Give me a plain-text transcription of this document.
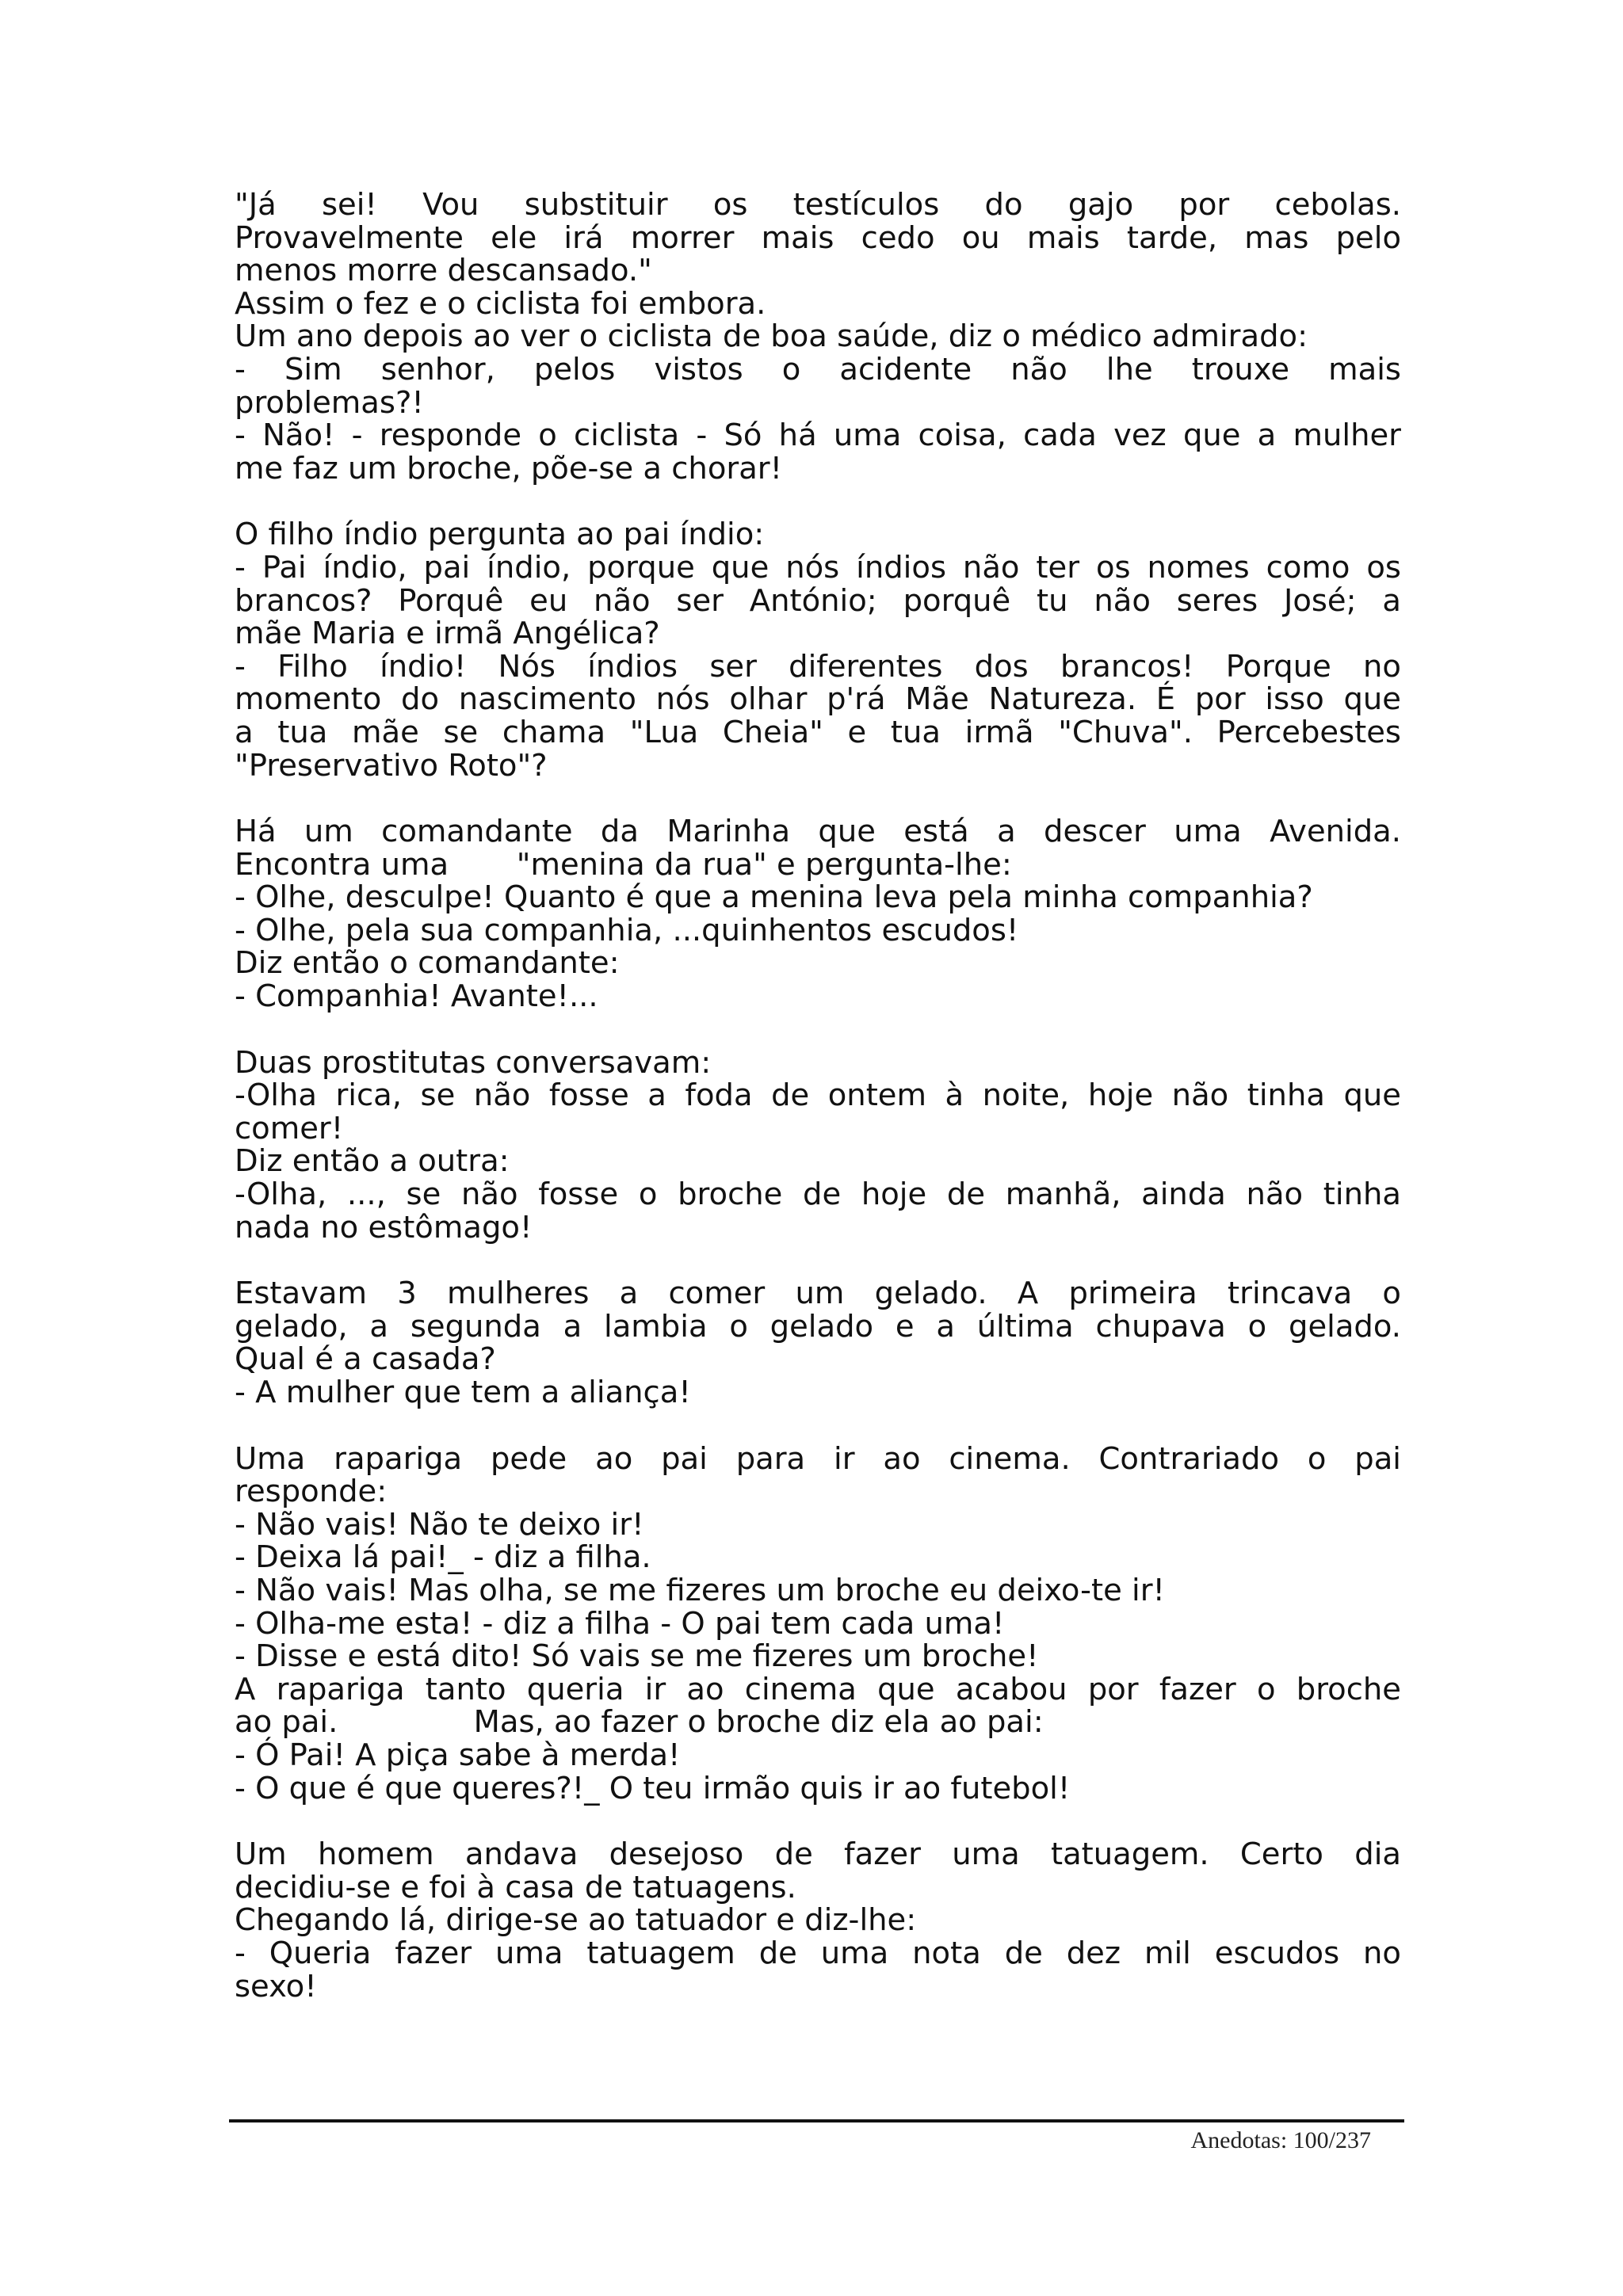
"Já sei! Vou substituir os testículos do gajo por cebolas.
Provavelmente ele irá morrer mais cedo ou mais tarde, mas pelo
menos morre descansado."
Assim o fez e o ciclista foi embora.
Um ano depois ao ver o ciclista de boa saúde, diz o médico admirado:
- Sim senhor, pelos vistos o acidente não lhe trouxe mais
problemas?!
- Não! - responde o ciclista - Só há uma coisa, cada vez que a mulher
me faz um broche, põe-se a chorar!
O filho índio pergunta ao pai índio:
- Pai índio, pai índio, porque que nós índios não ter os nomes como os
brancos? Porquê eu não ser António; porquê tu não seres José; a
mãe Maria e irmã Angélica?
- Filho índio! Nós índios ser diferentes dos brancos! Porque no
momento do nascimento nós olhar p'rá Mãe Natureza. É por isso que
a tua mãe se chama "Lua Cheia" e tua irmã "Chuva". Percebestes
"Preservativo Roto"?
Há um comandante da Marinha que está a descer uma Avenida.
Encontra uma       "menina da rua" e pergunta-lhe:
- Olhe, desculpe! Quanto é que a menina leva pela minha companhia?
- Olhe, pela sua companhia, ...quinhentos escudos!
Diz então o comandante:
- Companhia! Avante!...
Duas prostitutas conversavam:
-Olha rica, se não fosse a foda de ontem à noite, hoje não tinha que
comer!
Diz então a outra:
-Olha, ..., se não fosse o broche de hoje de manhã, ainda não tinha
nada no estômago!
Estavam 3 mulheres a comer um gelado. A primeira trincava o
gelado, a segunda a lambia o gelado e a última chupava o gelado.
Qual é a casada?
- A mulher que tem a aliança!
Uma rapariga pede ao pai para ir ao cinema. Contrariado o pai
responde:
- Não vais! Não te deixo ir!
- Deixa lá pai!_ - diz a filha.
- Não vais! Mas olha, se me fizeres um broche eu deixo-te ir!
- Olha-me esta! - diz a filha - O pai tem cada uma!
- Disse e está dito! Só vais se me fizeres um broche!
A rapariga tanto queria ir ao cinema que acabou por fazer o broche
ao pai.              Mas, ao fazer o broche diz ela ao pai:
- Ó Pai! A piça sabe à merda!
- O que é que queres?!_ O teu irmão quis ir ao futebol!
Um homem andava desejoso de fazer uma tatuagem. Certo dia
decidiu-se e foi à casa de tatuagens.
Chegando lá, dirige-se ao tatuador e diz-lhe:
- Queria fazer uma tatuagem de uma nota de dez mil escudos no
sexo!
Anedotas: 100/237
